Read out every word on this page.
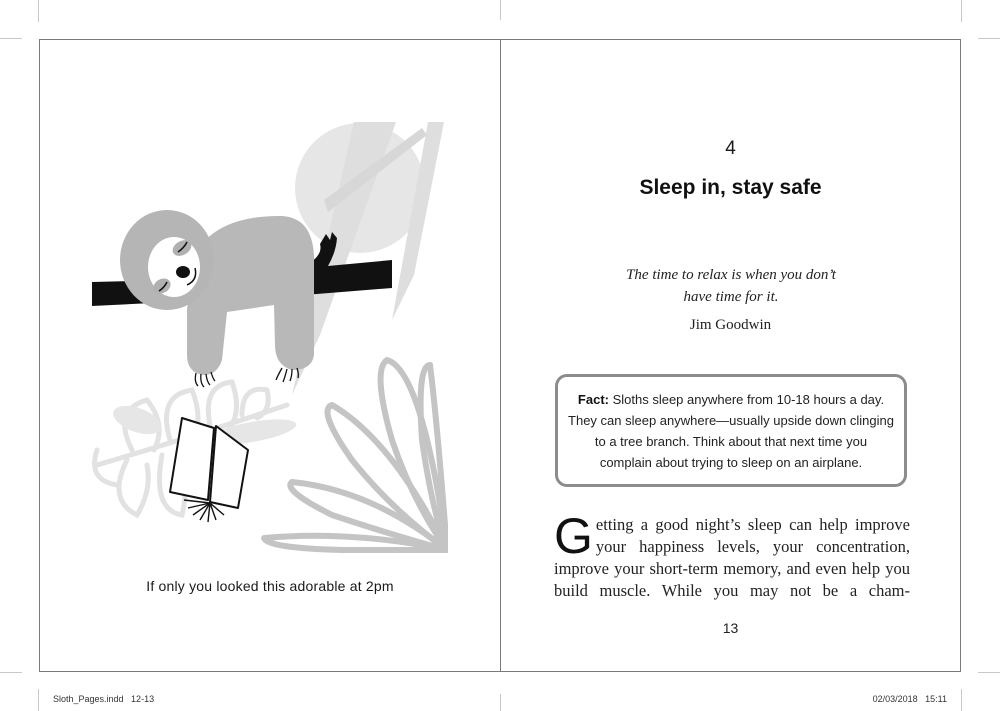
If only you looked this adorable at 2pm
4
Sleep in, stay safe
The time to relax is when you don’t
have time for it.
Jim Goodwin
Fact: Sloths sleep anywhere from 10-18 hours a day. They can sleep anywhere—usually upside down clinging to a tree branch. Think about that next time you complain about trying to sleep on an airplane.
Getting a good night’s sleep can help improve your happiness levels, your concentration, improve your short-term memory, and even help you build muscle. While you may not be a cham-
13
Sloth_Pages.indd   12-13	02/03/2018   15:11
